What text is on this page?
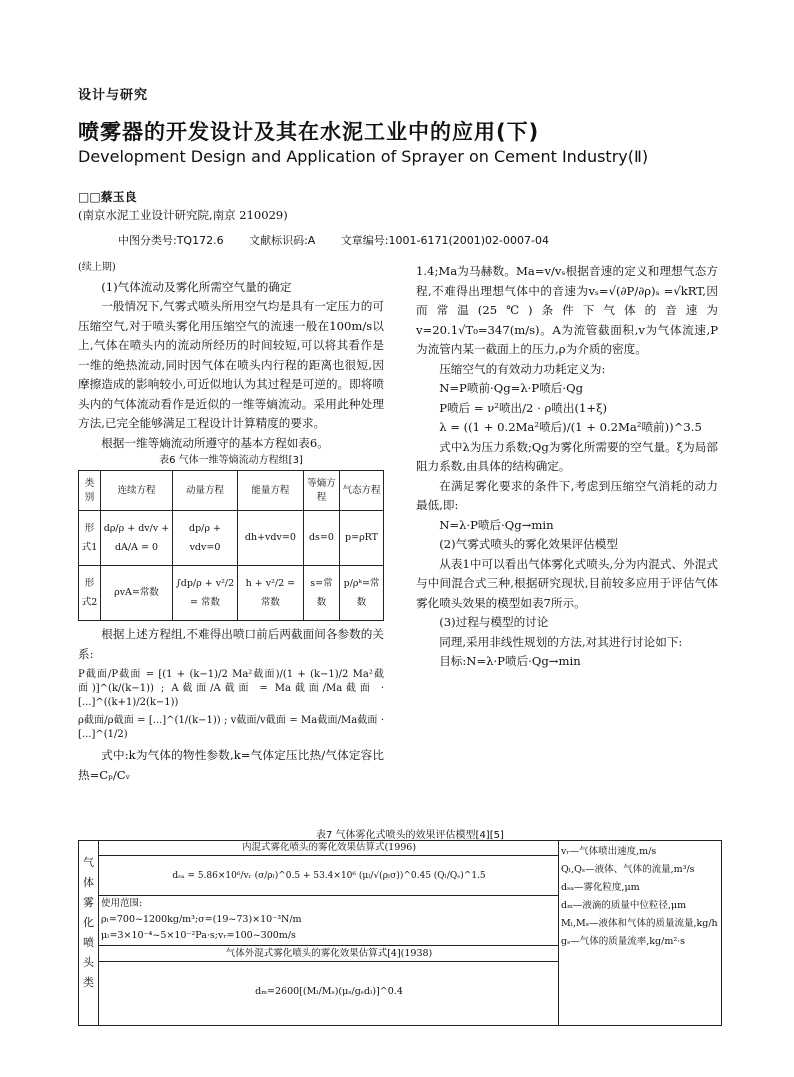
设计与研究
喷雾器的开发设计及其在水泥工业中的应用(下)
Development Design and Application of Sprayer on Cement Industry(Ⅱ)
□□蔡玉良
(南京水泥工业设计研究院,南京 210029)
中图分类号:TQ172.6 文献标识码:A 文章编号:1001-6171(2001)02-0007-04
(续上期)
(1)气体流动及雾化所需空气量的确定
一般情况下,气雾式喷头所用空气均是具有一定压力的可压缩空气,对于喷头雾化用压缩空气的流速一般在100m/s以上,气体在喷头内的流动所经历的时间较短,可以将其看作是一维的绝热流动,同时因气体在喷头内行程的距离也很短,因摩擦造成的影响较小,可近似地认为其过程是可逆的。即将喷头内的气体流动看作是近似的一维等熵流动。采用此种处理方法,已完全能够满足工程设计计算精度的要求。
根据一维等熵流动所遵守的基本方程如表6。
表6 气体一维等熵流动方程组[3]
类别	连续方程	动量方程	能量方程	等熵方程	气态方程
形式1	dρ/ρ + dv/v + dA/A = 0	dp/ρ + vdv=0	dh+vdv=0	ds=0	p=ρRT
形式2	ρvA=常数	∫dp/ρ + v²/2 = 常数	h + v²/2 = 常数	s=常数	p/ρᵏ=常数
根据上述方程组,不难得出喷口前后两截面间各参数的关系:
P截面/P截面 = [(1 + (k−1)/2 Ma²截面)/(1 + (k−1)/2 Ma²截面)]^(k/(k−1)) ; A截面/A截面 = Ma截面/Ma截面 · [...]^((k+1)/2(k−1))
ρ截面/ρ截面 = [...]^(1/(k−1)) ; v截面/v截面 = Ma截面/Ma截面 · [...]^(1/2)
式中:k为气体的物性参数,k=气体定压比热/气体定容比热=Cₚ/Cᵥ
1.4;Ma为马赫数。Ma=v/vₛ根据音速的定义和理想气态方程,不难得出理想气体中的音速为vₛ=√(∂P/∂ρ)ₛ =√kRT,因而常温(25℃)条件下气体的音速为v=20.1√T₀=347(m/s)。A为流管截面积,v为气体流速,P为流管内某一截面上的压力,ρ为介质的密度。
压缩空气的有效动力功耗定义为:
N=P喷前·Qg=λ·P喷后·Qg
P喷后 = ν²喷出/2 · ρ喷出(1+ξ)
λ = ((1 + 0.2Ma²喷后)/(1 + 0.2Ma²喷前))^3.5
式中λ为压力系数;Qg为雾化所需要的空气量。ξ为局部阻力系数,由具体的结构确定。
在满足雾化要求的条件下,考虑到压缩空气消耗的动力最低,即:
N=λ·P喷后·Qg→min
(2)气雾式喷头的雾化效果评估模型
从表1中可以看出气体雾化式喷头,分为内混式、外混式与中间混合式三种,根据研究现状,目前较多应用于评估气体雾化喷头效果的模型如表7所示。
(3)过程与模型的讨论
同理,采用非线性规划的方法,对其进行讨论如下:
目标:N=λ·P喷后·Qg→min
表7 气体雾化式喷头的效果评估模型[4][5]
气体雾化喷头类
内混式雾化喷头的雾化效果估算式(1996)
dₛₐ = 5.86×10⁶/vᵣ (σ/ρₗ)^0.5 + 53.4×10⁶ (μₗ/√(ρₗσ))^0.45 (Qₗ/Qₛ)^1.5
使用范围:
ρₗ=700~1200kg/m³;σ=(19~73)×10⁻³N/m
μₗ=3×10⁻⁴~5×10⁻²Pa·s;vᵣ=100~300m/s
气体外混式雾化喷头的雾化效果估算式[4](1938)
dₘ=2600[(Mₗ/Mₛ)(μₛ/gₛdₗ)]^0.4
vᵣ—气体喷出速度,m/s
Qₗ,Qₛ—液体、气体的流量,m³/s
dₛₐ—雾化粒度,μm
dₘ—液滴的质量中位粒径,μm
Mₗ,Mₛ—液体和气体的质量流量,kg/h
gₛ—气体的质量流率,kg/m²·s
